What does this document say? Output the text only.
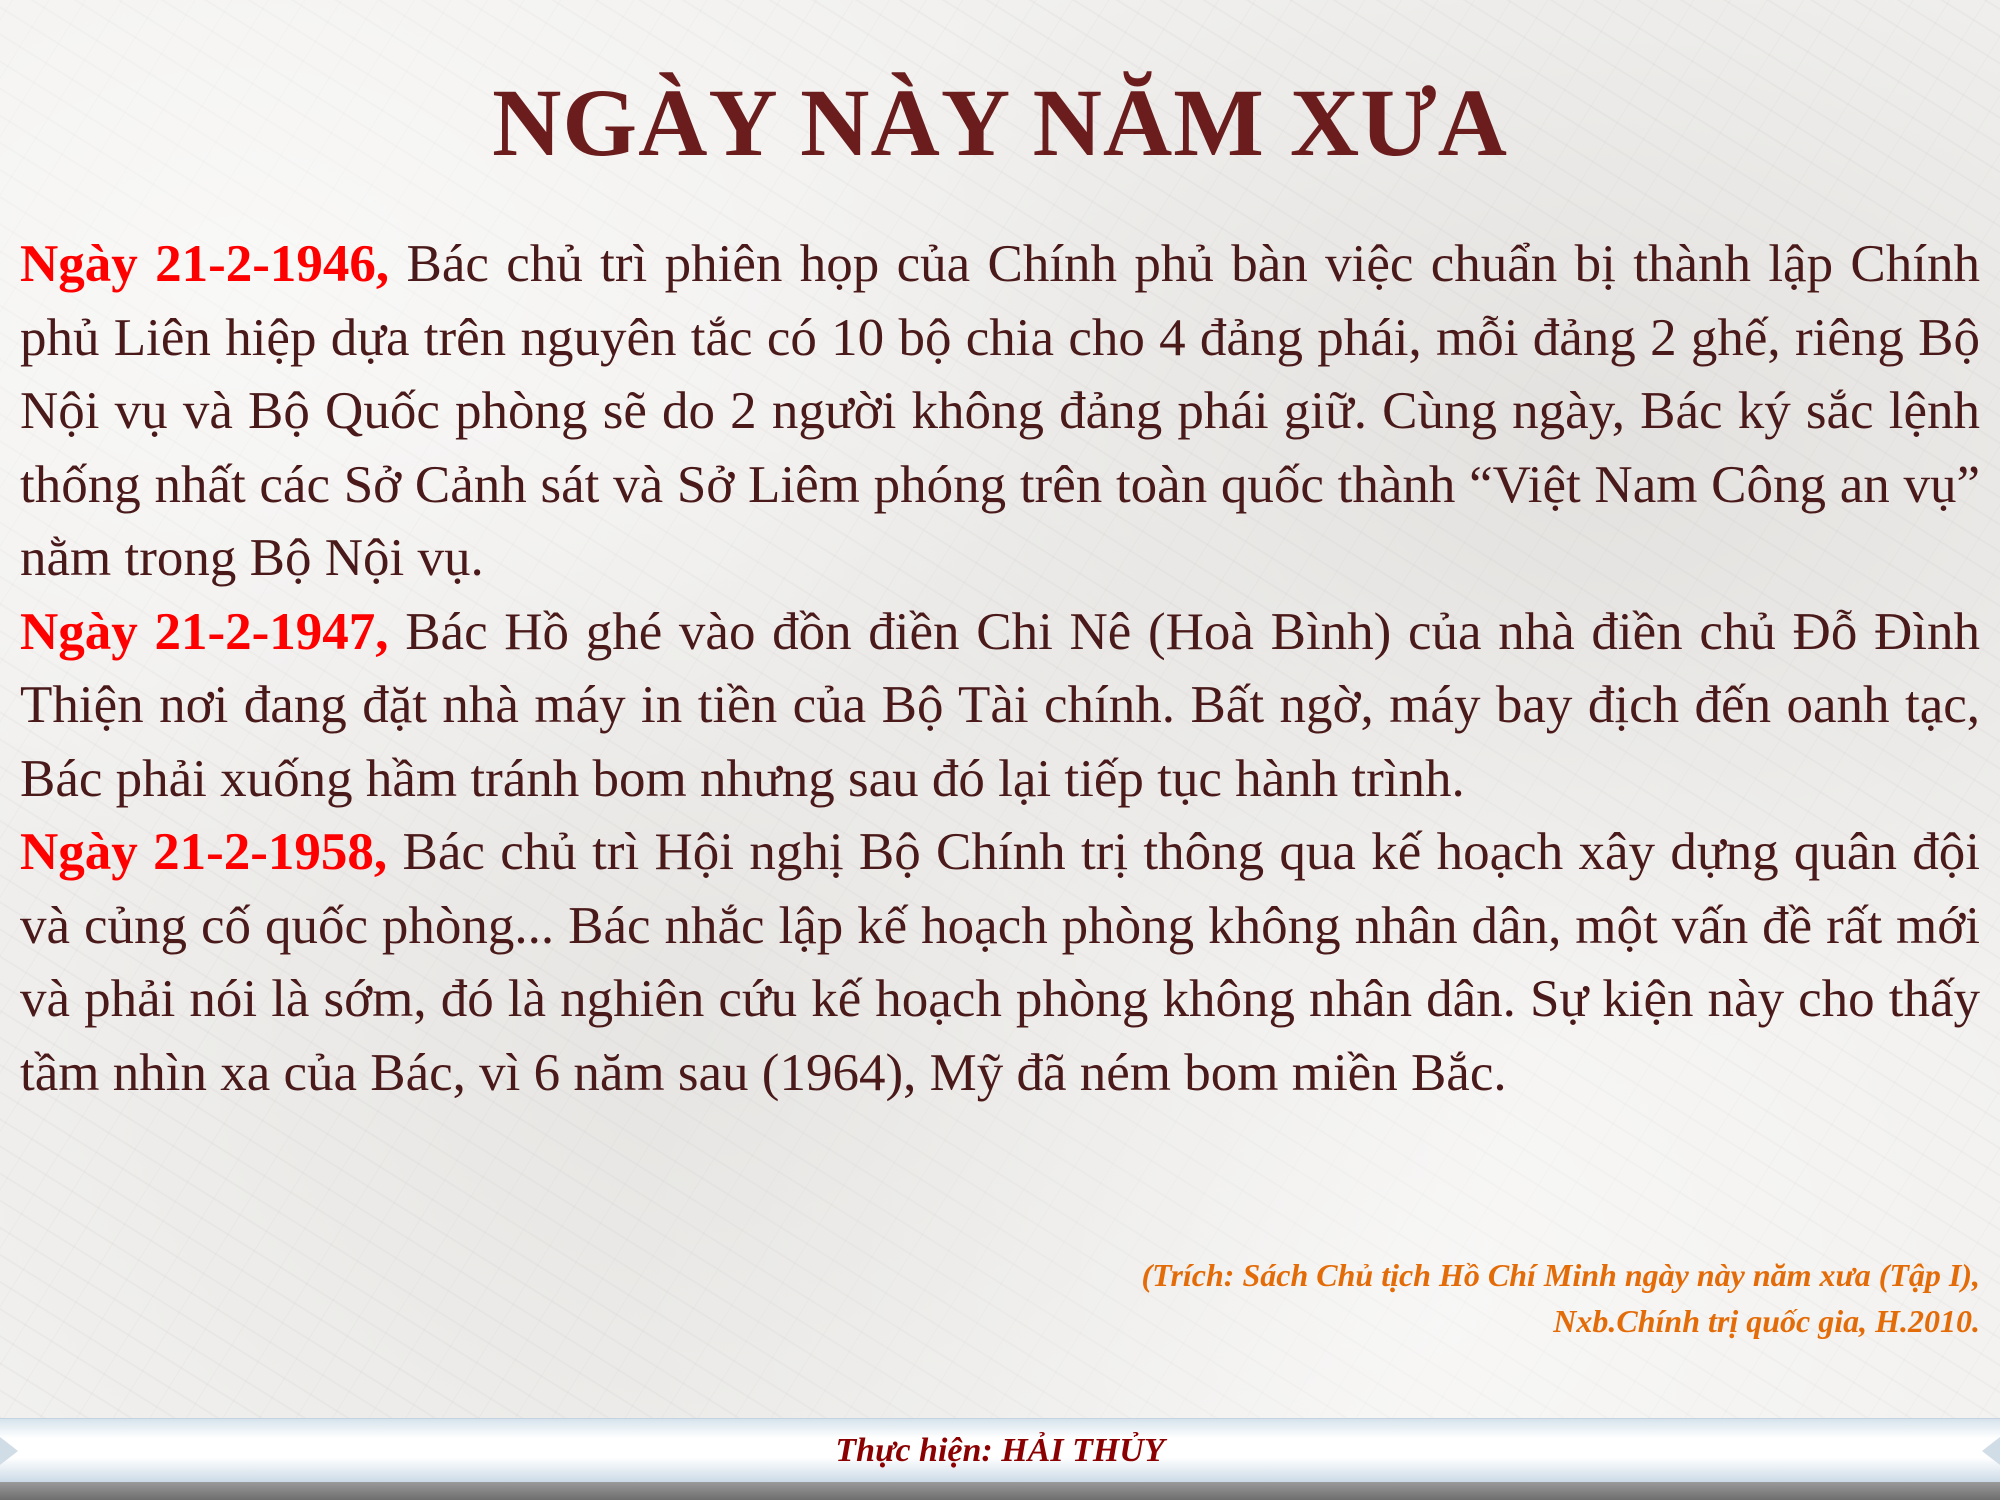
NGÀY NÀY NĂM XƯA

Ngày 21-2-1946, Bác chủ trì phiên họp của Chính phủ bàn việc chuẩn bị thành lập Chính phủ Liên hiệp dựa trên nguyên tắc có 10 bộ chia cho 4 đảng phái, mỗi đảng 2 ghế, riêng Bộ Nội vụ và Bộ Quốc phòng sẽ do 2 người không đảng phái giữ. Cùng ngày, Bác ký sắc lệnh thống nhất các Sở Cảnh sát và Sở Liêm phóng trên toàn quốc thành “Việt Nam Công an vụ” nằm trong Bộ Nội vụ.

Ngày 21-2-1947, Bác Hồ ghé vào đồn điền Chi Nê (Hoà Bình) của nhà điền chủ Đỗ Đình Thiện nơi đang đặt nhà máy in tiền của Bộ Tài chính. Bất ngờ, máy bay địch đến oanh tạc, Bác phải xuống hầm tránh bom nhưng sau đó lại tiếp tục hành trình.

Ngày 21-2-1958, Bác chủ trì Hội nghị Bộ Chính trị thông qua kế hoạch xây dựng quân đội và củng cố quốc phòng... Bác nhắc lập kế hoạch phòng không nhân dân, một vấn đề rất mới và phải nói là sớm, đó là nghiên cứu kế hoạch phòng không nhân dân. Sự kiện này cho thấy tầm nhìn xa của Bác, vì 6 năm sau (1964), Mỹ đã ném bom miền Bắc.

(Trích: Sách Chủ tịch Hồ Chí Minh ngày này năm xưa (Tập I),
Nxb.Chính trị quốc gia, H.2010.
Thực hiện: HẢI THỦY
